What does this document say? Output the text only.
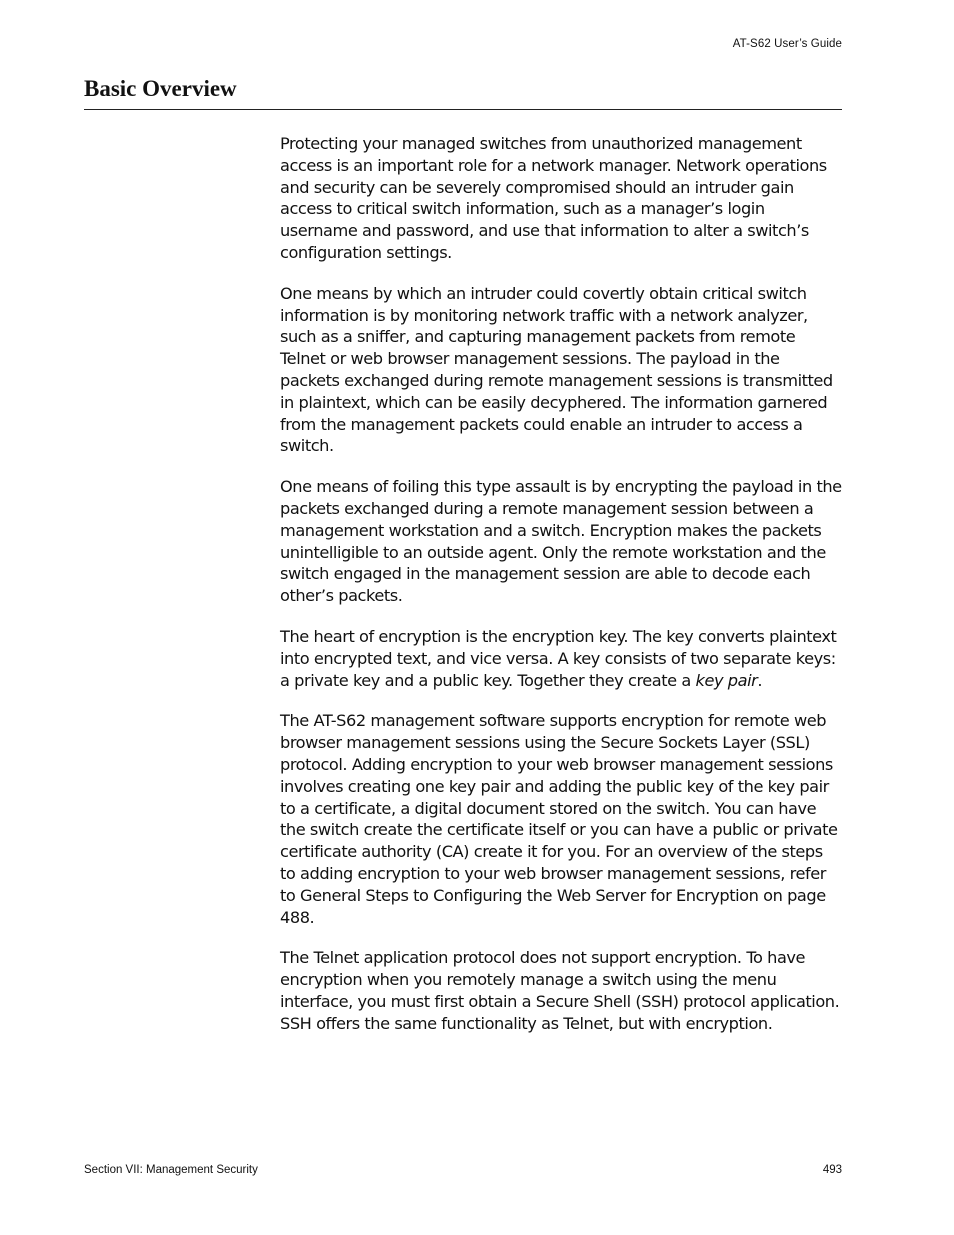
AT-S62 User’s Guide
Basic Overview

Protecting your managed switches from unauthorized management access is an important role for a network manager. Network operations and security can be severely compromised should an intruder gain access to critical switch information, such as a manager’s login username and password, and use that information to alter a switch’s configuration settings.

One means by which an intruder could covertly obtain critical switch information is by monitoring network traffic with a network analyzer, such as a sniffer, and capturing management packets from remote Telnet or web browser management sessions. The payload in the packets exchanged during remote management sessions is transmitted in plaintext, which can be easily decyphered. The information garnered from the management packets could enable an intruder to access a switch.

One means of foiling this type assault is by encrypting the payload in the packets exchanged during a remote management session between a management workstation and a switch. Encryption makes the packets unintelligible to an outside agent. Only the remote workstation and the switch engaged in the management session are able to decode each other’s packets.

The heart of encryption is the encryption key. The key converts plaintext into encrypted text, and vice versa. A key consists of two separate keys: a private key and a public key. Together they create a key pair.

The AT-S62 management software supports encryption for remote web browser management sessions using the Secure Sockets Layer (SSL) protocol. Adding encryption to your web browser management sessions involves creating one key pair and adding the public key of the key pair to a certificate, a digital document stored on the switch. You can have the switch create the certificate itself or you can have a public or private certificate authority (CA) create it for you. For an overview of the steps to adding encryption to your web browser management sessions, refer to General Steps to Configuring the Web Server for Encryption on page 488.

The Telnet application protocol does not support encryption. To have encryption when you remotely manage a switch using the menu interface, you must first obtain a Secure Shell (SSH) protocol application. SSH offers the same functionality as Telnet, but with encryption.

Section VII: Management Security	493
